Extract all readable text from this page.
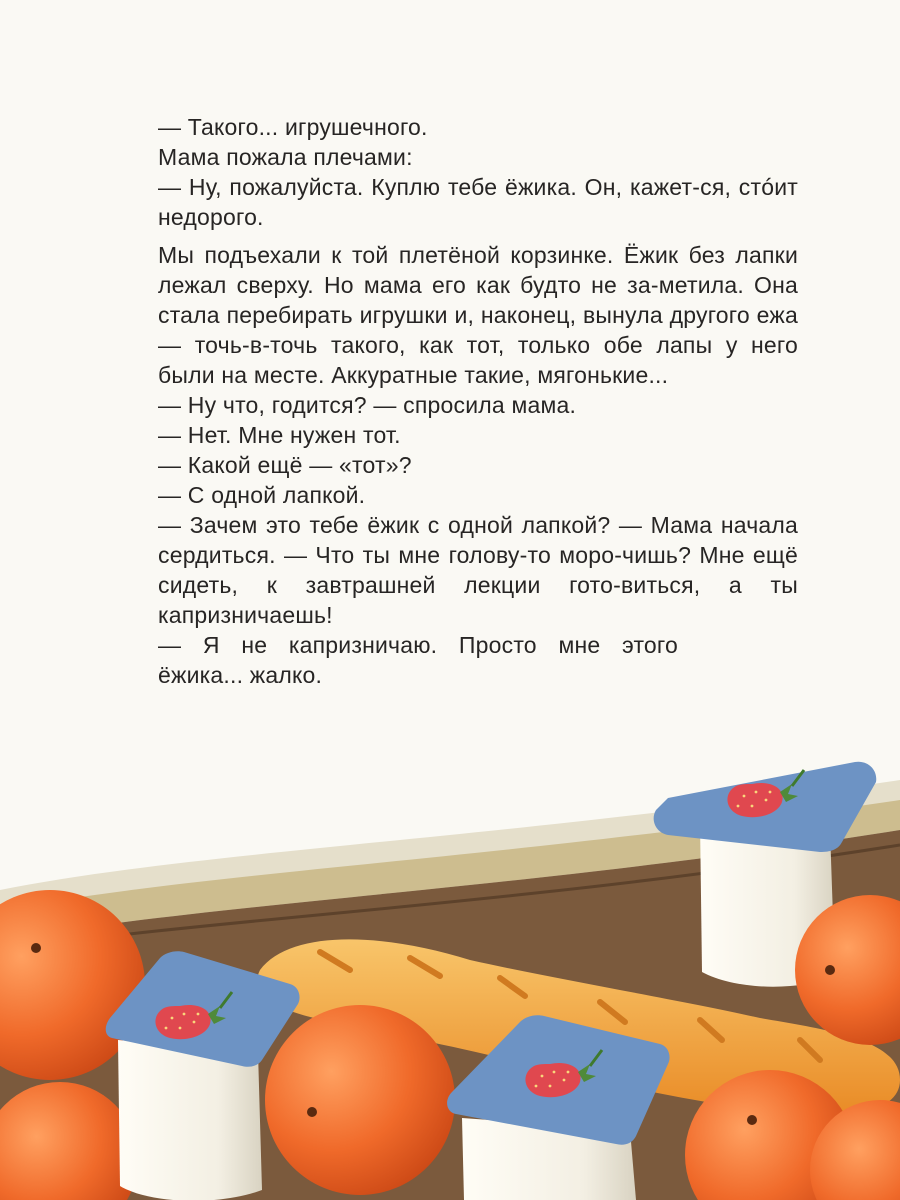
— Такого... игрушечного.

Мама пожала плечами:

— Ну, пожалуйста. Куплю тебе ёжика. Он, кажет-ся, стóит недорого.

Мы подъехали к той плетёной корзинке. Ёжик без лапки лежал сверху. Но мама его как будто не за-метила. Она стала перебирать игрушки и, наконец, вынула другого ежа — точь-в-точь такого, как тот, только обе лапы у него были на месте. Аккуратные такие, мягонькие...

— Ну что, годится? — спросила мама.

— Нет. Мне нужен тот.

— Какой ещё — «тот»?

— С одной лапкой.

— Зачем это тебе ёжик с одной лапкой? — Мама начала сердиться. — Что ты мне голову-то моро-чишь? Мне ещё сидеть, к завтрашней лекции гото-виться, а ты капризничаешь!

— Я не капризничаю. Просто мне этого ёжика... жалко.
